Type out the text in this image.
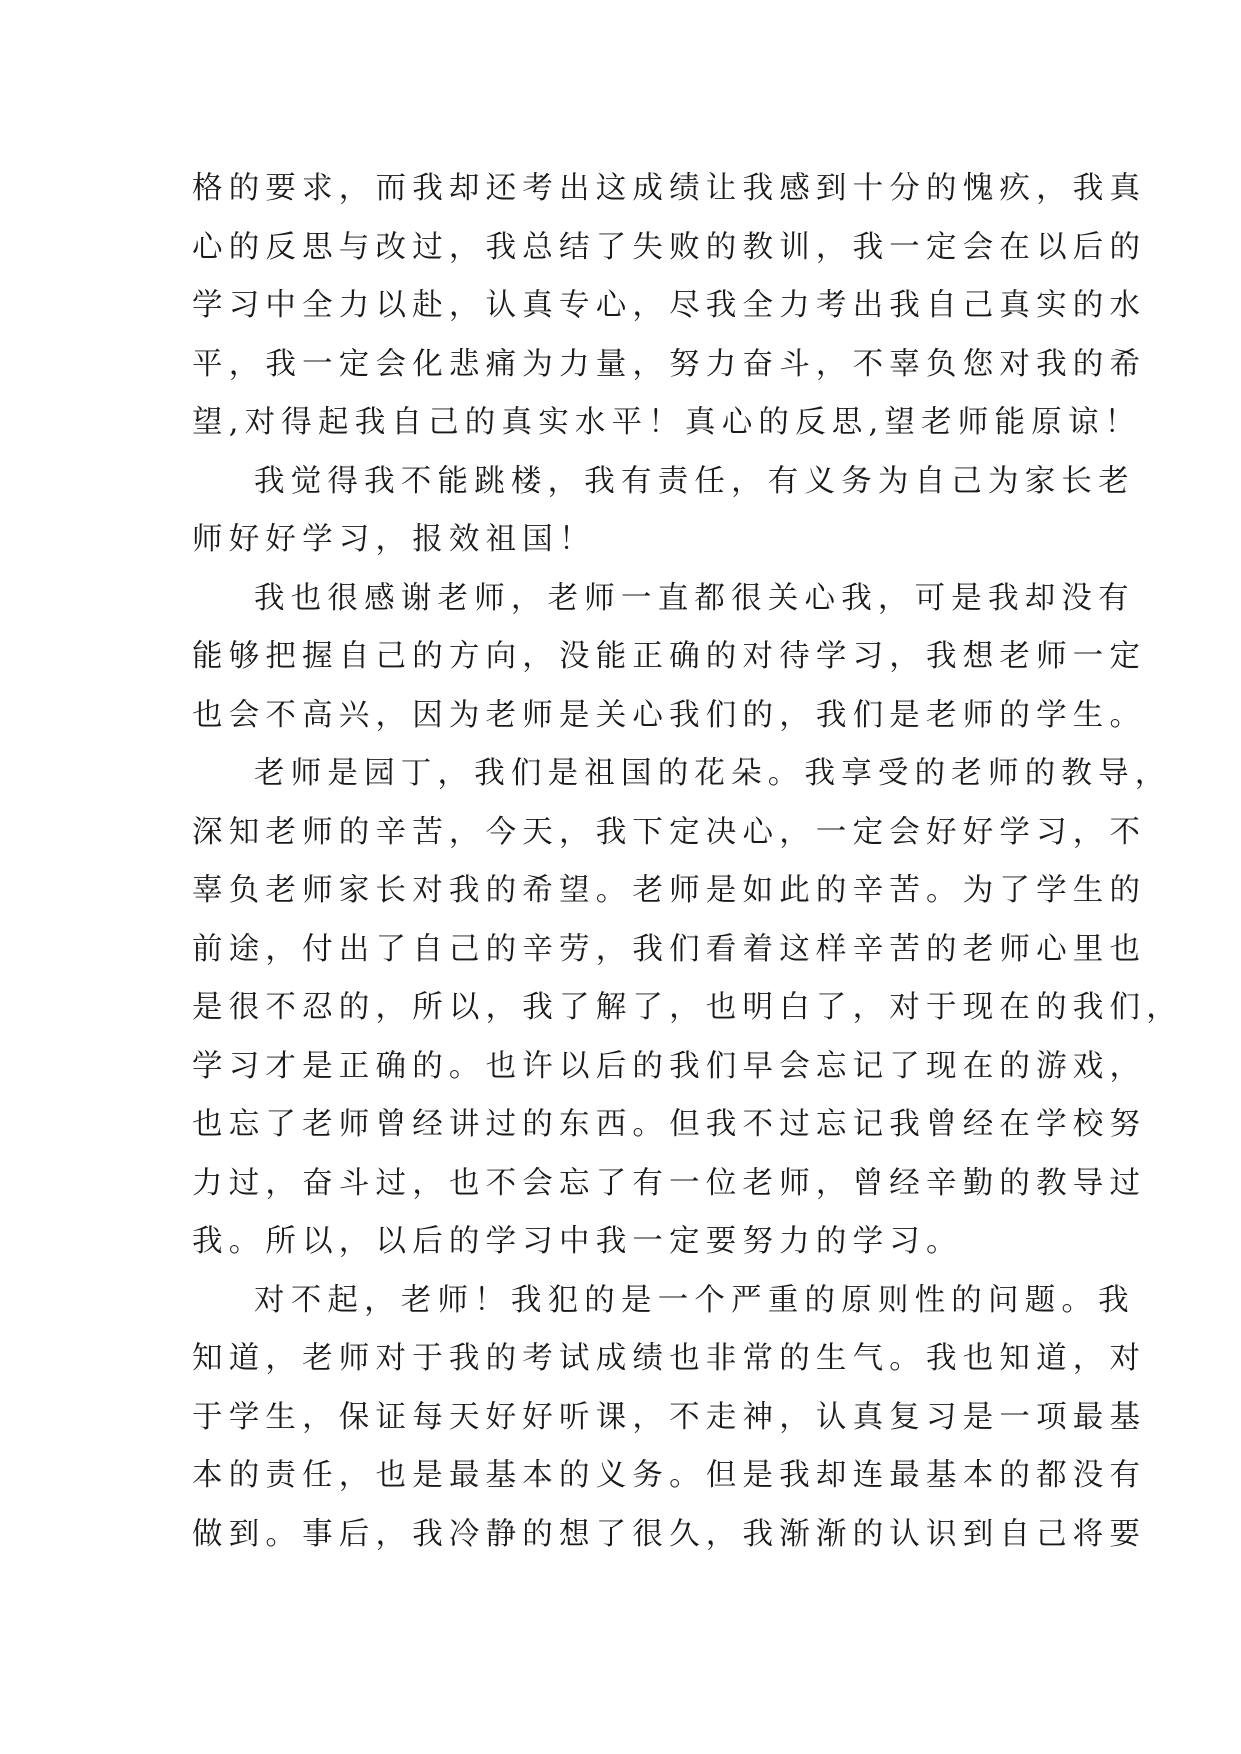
格的要求，而我却还考出这成绩让我感到十分的愧疚，我真
心的反思与改过，我总结了失败的教训，我一定会在以后的
学习中全力以赴，认真专心，尽我全力考出我自己真实的水
平，我一定会化悲痛为力量，努力奋斗，不辜负您对我的希
望,对得起我自己的真实水平！真心的反思,望老师能原谅！
我觉得我不能跳楼，我有责任，有义务为自己为家长老
师好好学习，报效祖国！
我也很感谢老师，老师一直都很关心我，可是我却没有
能够把握自己的方向，没能正确的对待学习，我想老师一定
也会不高兴，因为老师是关心我们的，我们是老师的学生。
老师是园丁，我们是祖国的花朵。我享受的老师的教导，
深知老师的辛苦，今天，我下定决心，一定会好好学习，不
辜负老师家长对我的希望。老师是如此的辛苦。为了学生的
前途，付出了自己的辛劳，我们看着这样辛苦的老师心里也
是很不忍的，所以，我了解了，也明白了，对于现在的我们，
学习才是正确的。也许以后的我们早会忘记了现在的游戏，
也忘了老师曾经讲过的东西。但我不过忘记我曾经在学校努
力过，奋斗过，也不会忘了有一位老师，曾经辛勤的教导过
我。所以，以后的学习中我一定要努力的学习。
对不起，老师！我犯的是一个严重的原则性的问题。我
知道，老师对于我的考试成绩也非常的生气。我也知道，对
于学生，保证每天好好听课，不走神，认真复习是一项最基
本的责任，也是最基本的义务。但是我却连最基本的都没有
做到。事后，我冷静的想了很久，我渐渐的认识到自己将要
